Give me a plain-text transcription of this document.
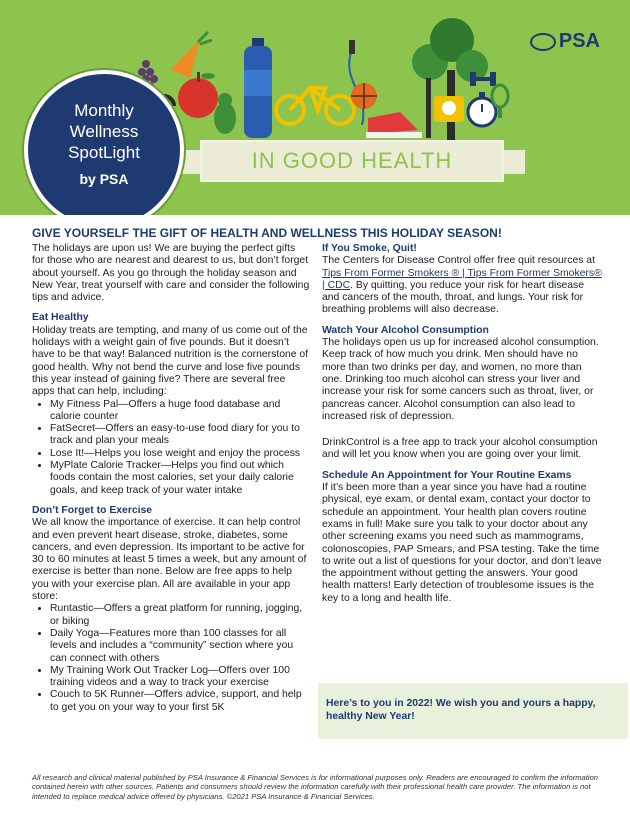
PSA
IN GOOD HEALTH
Monthly
Wellness
SpotLight
by PSA
GIVE YOURSELF THE GIFT OF HEALTH AND WELLNESS THIS HOLIDAY SEASON!

The holidays are upon us! We are buying the perfect gifts for those who are nearest and dearest to us, but don’t forget about yourself. As you go through the holiday season and New Year, treat yourself with care and consider the following tips and advice.

Eat Healthy

Holiday treats are tempting, and many of us come out of the holidays with a weight gain of five pounds. But it doesn’t have to be that way! Balanced nutrition is the cornerstone of good health. Why not bend the curve and lose five pounds this year instead of gaining five? There are several free apps that can help, including:

• My Fitness Pal—Offers a huge food database and calorie counter
• FatSecret—Offers an easy-to-use food diary for you to track and plan your meals
• Lose It!—Helps you lose weight and enjoy the process
• MyPlate Calorie Tracker—Helps you find out which foods contain the most calories, set your daily calorie goals, and keep track of your water intake
Don’t Forget to Exercise

We all know the importance of exercise. It can help control and even prevent heart disease, stroke, diabetes, some cancers, and even depression. Its important to be active for 30 to 60 minutes at least 5 times a week, but any amount of exercise is better than none. Below are free apps to help you with your exercise plan. All are available in your app store:

• Runtastic—Offers a great platform for running, jogging, or biking
• Daily Yoga—Features more than 100 classes for all levels and includes a “community” section where you can connect with others
• My Training Work Out Tracker Log—Offers over 100 training videos and a way to track your exercise
• Couch to 5K Runner—Offers advice, support, and help to get you on your way to your first 5K
If You Smoke, Quit!

The Centers for Disease Control offer free quit resources at Tips From Former Smokers ® | Tips From Former Smokers® | CDC. By quitting, you reduce your risk for heart disease and cancers of the mouth, throat, and lungs. Your risk for breathing problems will also decrease.

Watch Your Alcohol Consumption

The holidays open us up for increased alcohol consumption. Keep track of how much you drink. Men should have no more than two drinks per day, and women, no more than one. Drinking too much alcohol can stress your liver and increase your risk for some cancers such as throat, liver, or pancreas cancer. Alcohol consumption can also lead to increased risk of depression.

DrinkControl is a free app to track your alcohol consumption and will let you know when you are going over your limit.

Schedule An Appointment for Your Routine Exams

If it’s been more than a year since you have had a routine physical, eye exam, or dental exam, contact your doctor to schedule an appointment. Your health plan covers routine exams in full! Make sure you talk to your doctor about any other screening exams you need such as mammograms, colonoscopies, PAP Smears, and PSA testing. Take the time to write out a list of questions for your doctor, and don’t leave the appointment without getting the answers. Your good health matters! Early detection of troublesome issues is the key to a long and health life.

Here’s to you in 2022! We wish you and yours a happy, healthy New Year!

All research and clinical material published by PSA Insurance & Financial Services is for informational purposes only. Readers are encouraged to confirm the information contained herein with other sources. Patients and consumers should review the information carefully with their professional health care provider. The information is not intended to replace medical advice offered by physicians. ©2021 PSA Insurance & Financial Services.
